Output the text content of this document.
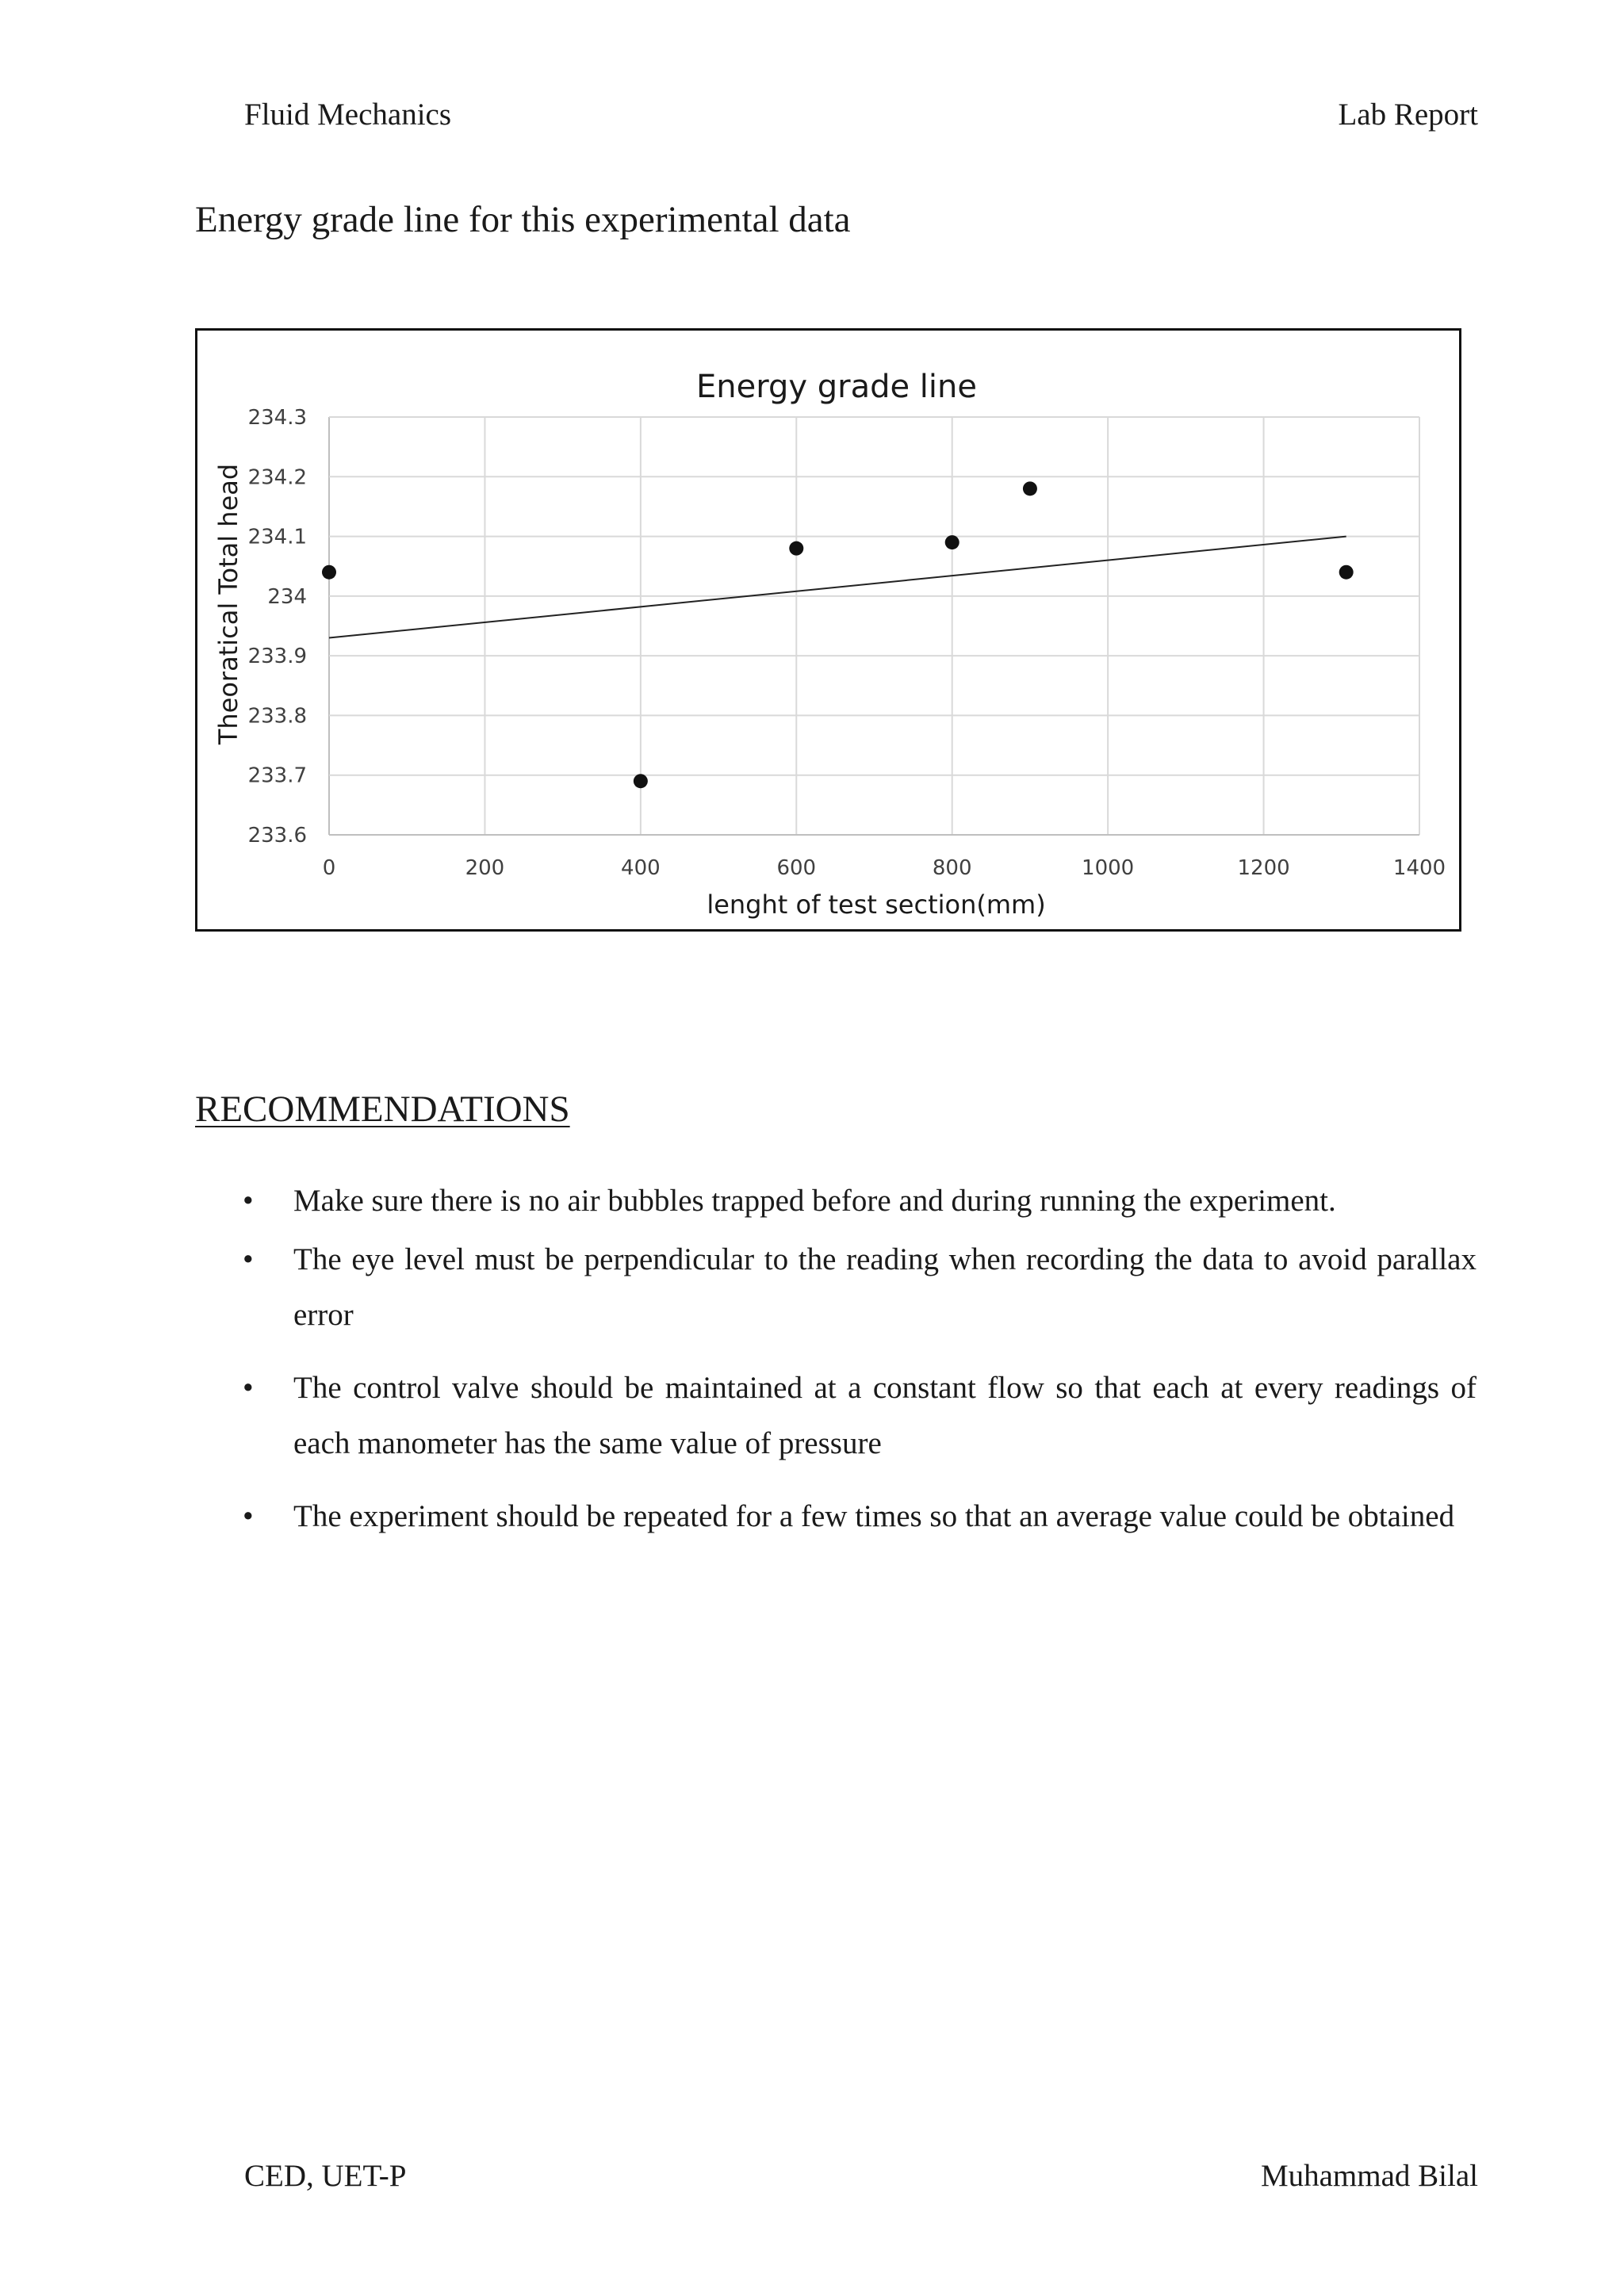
Fluid Mechanics	Lab Report
Energy grade line for this experimental data
Energy grade line
lenght of test section(mm)
Theoratical Total head
0	200	400	600	800	1000	1200	1400
233.6
233.7
233.8
233.9
234
234.1
234.2
234.3
RECOMMENDATIONS
• Make sure there is no air bubbles trapped before and during running the experiment.
• The eye level must be perpendicular to the reading when recording the data to avoid parallax error
• The control valve should be maintained at a constant flow so that each at every readings of each manometer has the same value of pressure
• The experiment should be repeated for a few times so that an average value could be obtained
CED, UET-P	Muhammad Bilal
